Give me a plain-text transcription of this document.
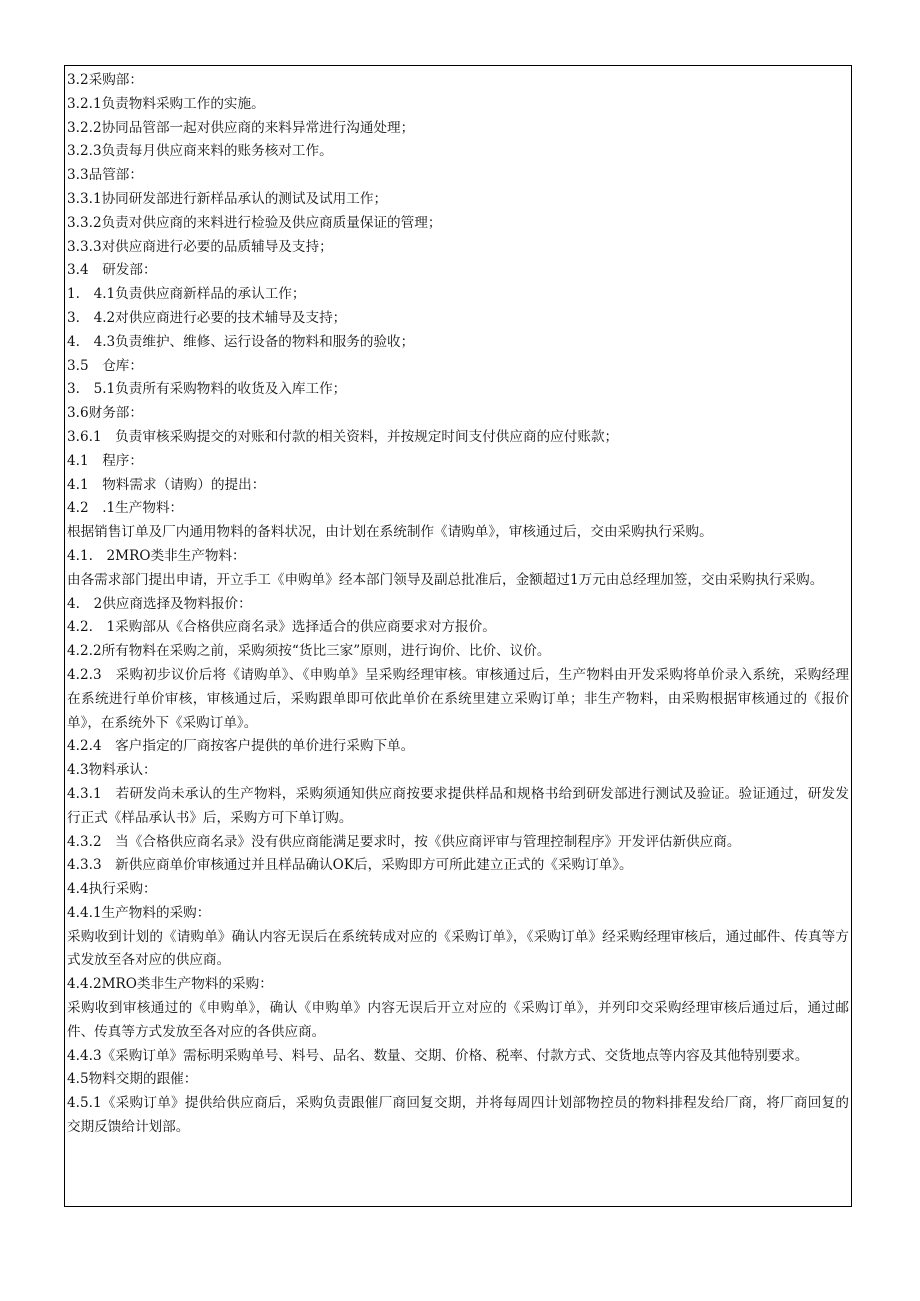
3.2采购部：
3.2.1负责物料采购工作的实施。
3.2.2协同品管部一起对供应商的来料异常进行沟通处理；
3.2.3负责每月供应商来料的账务核对工作。
3.3品管部：
3.3.1协同研发部进行新样品承认的测试及试用工作；
3.3.2负责对供应商的来料进行检验及供应商质量保证的管理；
3.3.3对供应商进行必要的品质辅导及支持；
3.4　研发部：
1.　4.1负责供应商新样品的承认工作；
3.　4.2对供应商进行必要的技术辅导及支持；
4.　4.3负责维护、维修、运行设备的物料和服务的验收；
3.5　仓库：
3.　5.1负责所有采购物料的收货及入库工作；
3.6财务部：
3.6.1　负责审核采购提交的对账和付款的相关资料，并按规定时间支付供应商的应付账款；
4.1　程序：
4.1　物料需求（请购）的提出：
4.2　.1生产物料：
根据销售订单及厂内通用物料的备料状况，由计划在系统制作《请购单》，审核通过后，交由采购执行采购。
4.1.　2MRO类非生产物料：
由各需求部门提出申请，开立手工《申购单》经本部门领导及副总批准后，金额超过1万元由总经理加签，交由采购执行采购。
4.　2供应商选择及物料报价：
4.2.　1采购部从《合格供应商名录》选择适合的供应商要求对方报价。
4.2.2所有物料在采购之前，采购须按“货比三家”原则，进行询价、比价、议价。
4.2.3　采购初步议价后将《请购单》、《申购单》呈采购经理审核。审核通过后，生产物料由开发采购将单价录入系统，采购经理在系统进行单价审核，审核通过后，采购跟单即可依此单价在系统里建立采购订单；非生产物料，由采购根据审核通过的《报价单》，在系统外下《采购订单》。
4.2.4　客户指定的厂商按客户提供的单价进行采购下单。
4.3物料承认：
4.3.1　若研发尚未承认的生产物料，采购须通知供应商按要求提供样品和规格书给到研发部进行测试及验证。验证通过，研发发行正式《样品承认书》后，采购方可下单订购。
4.3.2　当《合格供应商名录》没有供应商能满足要求时，按《供应商评审与管理控制程序》开发评估新供应商。
4.3.3　新供应商单价审核通过并且样品确认OK后，采购即方可所此建立正式的《采购订单》。
4.4执行采购：
4.4.1生产物料的采购：
采购收到计划的《请购单》确认内容无误后在系统转成对应的《采购订单》，《采购订单》经采购经理审核后，通过邮件、传真等方式发放至各对应的供应商。
4.4.2MRO类非生产物料的采购：
采购收到审核通过的《申购单》，确认《申购单》内容无误后开立对应的《采购订单》，并列印交采购经理审核后通过后，通过邮件、传真等方式发放至各对应的各供应商。
4.4.3《采购订单》需标明采购单号、料号、品名、数量、交期、价格、税率、付款方式、交货地点等内容及其他特别要求。
4.5物料交期的跟催：
4.5.1《采购订单》提供给供应商后，采购负责跟催厂商回复交期，并将每周四计划部物控员的物料排程发给厂商，将厂商回复的交期反馈给计划部。
